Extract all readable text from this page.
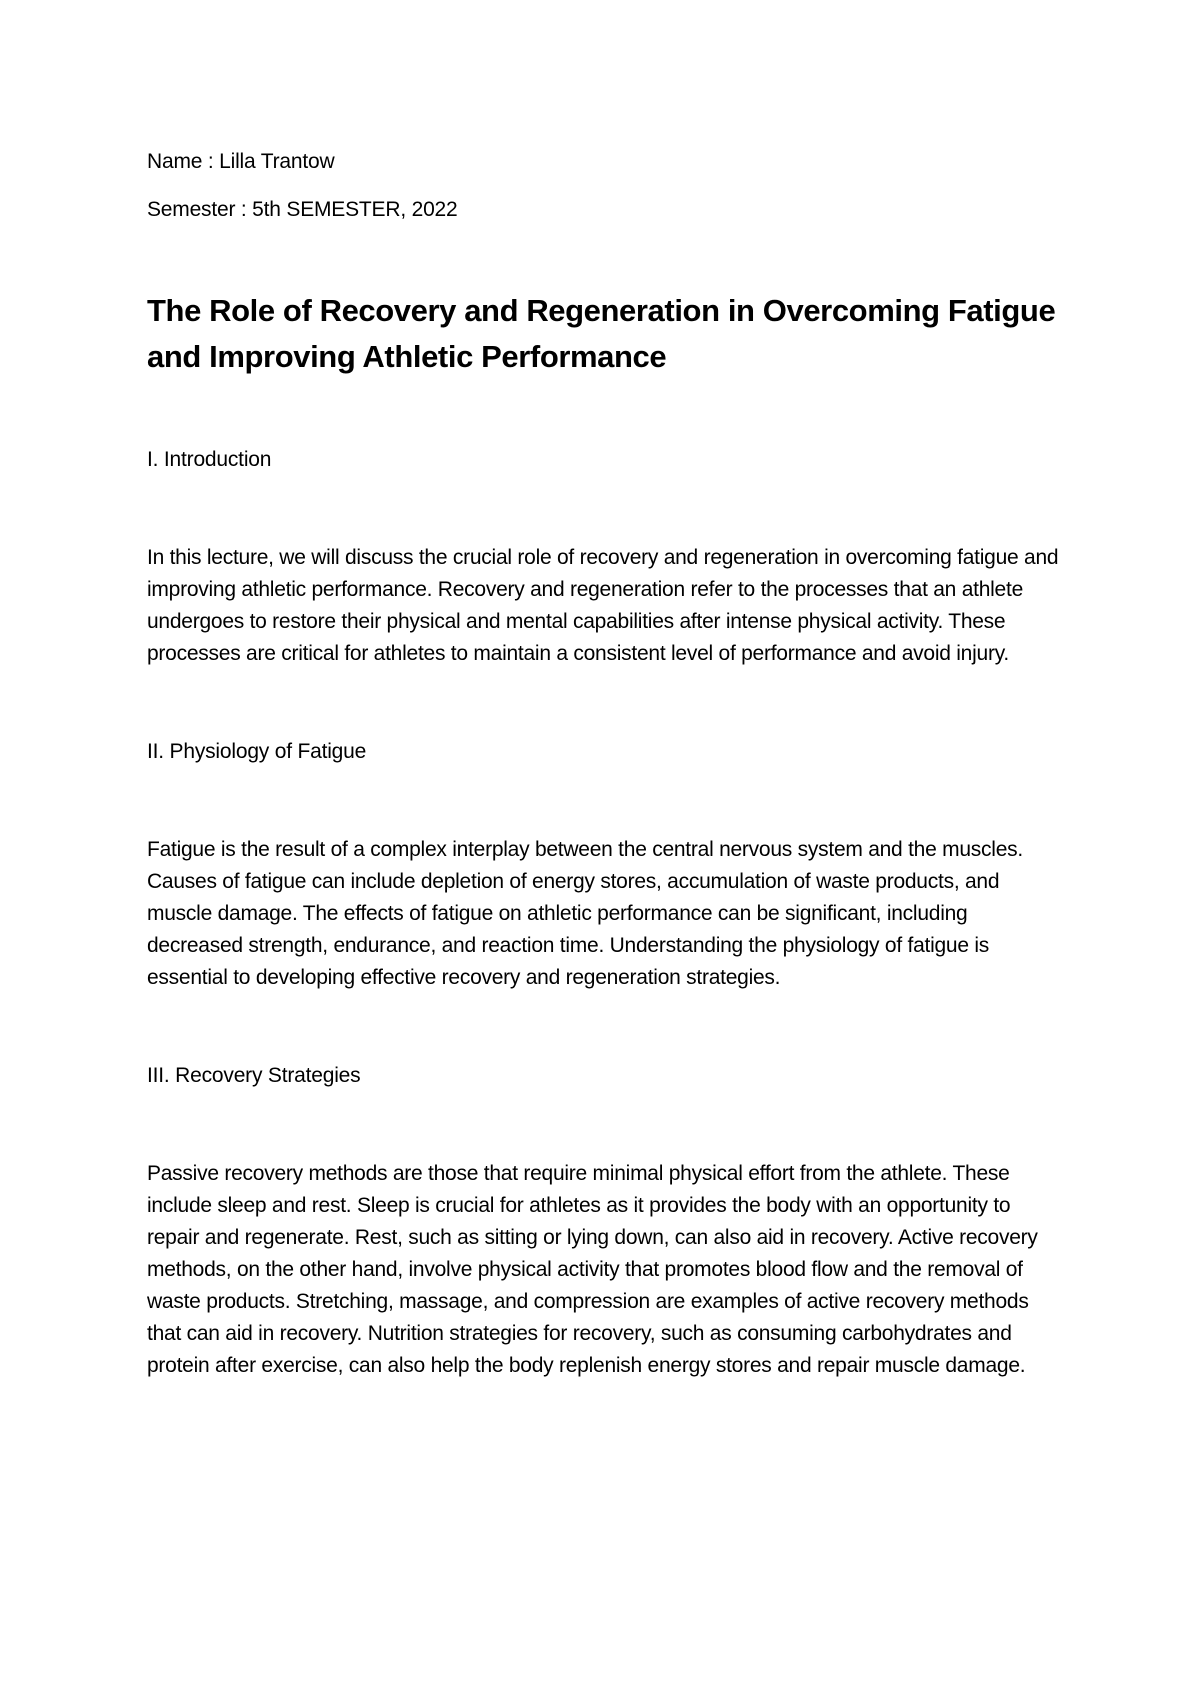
Name : Lilla Trantow

Semester : 5th SEMESTER, 2022

The Role of Recovery and Regeneration in Overcoming Fatigue and Improving Athletic Performance

I. Introduction

In this lecture, we will discuss the crucial role of recovery and regeneration in overcoming fatigue and improving athletic performance. Recovery and regeneration refer to the processes that an athlete undergoes to restore their physical and mental capabilities after intense physical activity. These processes are critical for athletes to maintain a consistent level of performance and avoid injury.

II. Physiology of Fatigue

Fatigue is the result of a complex interplay between the central nervous system and the muscles. Causes of fatigue can include depletion of energy stores, accumulation of waste products, and muscle damage. The effects of fatigue on athletic performance can be significant, including decreased strength, endurance, and reaction time. Understanding the physiology of fatigue is essential to developing effective recovery and regeneration strategies.

III. Recovery Strategies

Passive recovery methods are those that require minimal physical effort from the athlete. These include sleep and rest. Sleep is crucial for athletes as it provides the body with an opportunity to repair and regenerate. Rest, such as sitting or lying down, can also aid in recovery. Active recovery methods, on the other hand, involve physical activity that promotes blood flow and the removal of waste products. Stretching, massage, and compression are examples of active recovery methods that can aid in recovery. Nutrition strategies for recovery, such as consuming carbohydrates and protein after exercise, can also help the body replenish energy stores and repair muscle damage.
